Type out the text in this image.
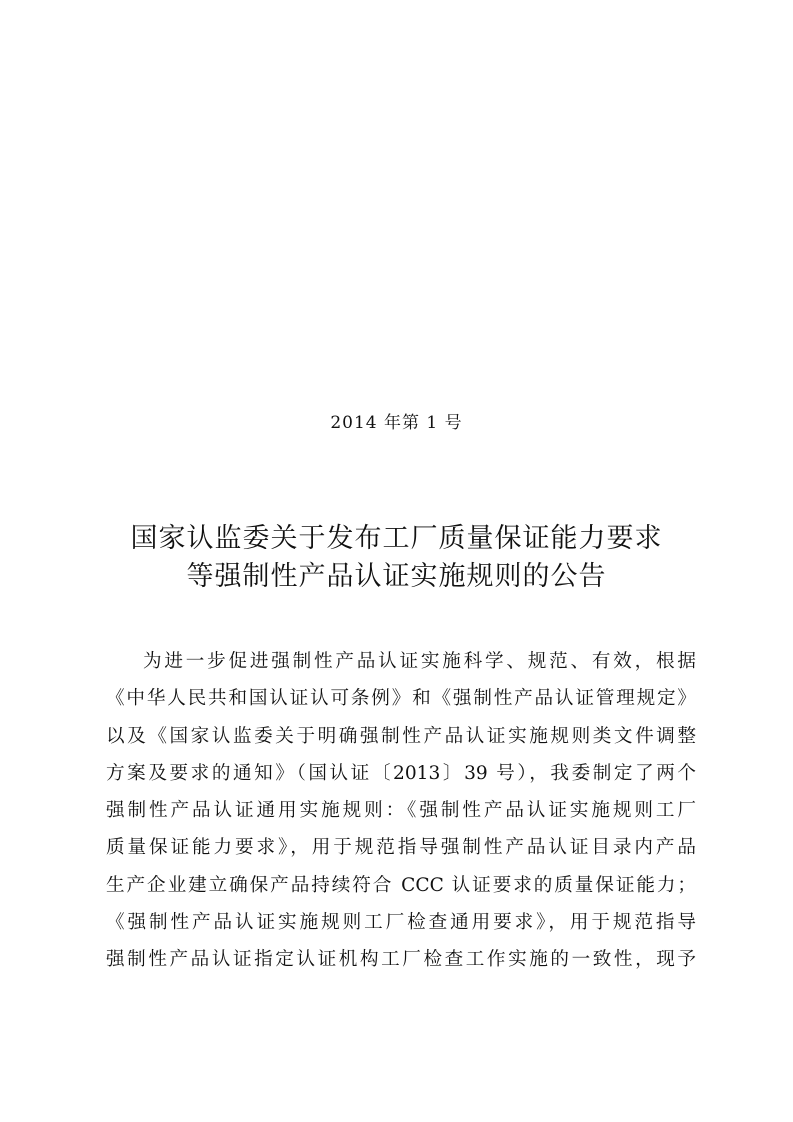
2014 年第 1 号
国家认监委关于发布工厂质量保证能力要求
等强制性产品认证实施规则的公告
为进一步促进强制性产品认证实施科学、规范、有效，根据
《中华人民共和国认证认可条例》和《强制性产品认证管理规定》
以及《国家认监委关于明确强制性产品认证实施规则类文件调整
方案及要求的通知》（国认证〔2013〕39 号），我委制定了两个
强制性产品认证通用实施规则：《强制性产品认证实施规则工厂
质量保证能力要求》，用于规范指导强制性产品认证目录内产品
生产企业建立确保产品持续符合 CCC 认证要求的质量保证能力；
《强制性产品认证实施规则工厂检查通用要求》，用于规范指导
强制性产品认证指定认证机构工厂检查工作实施的一致性，现予
